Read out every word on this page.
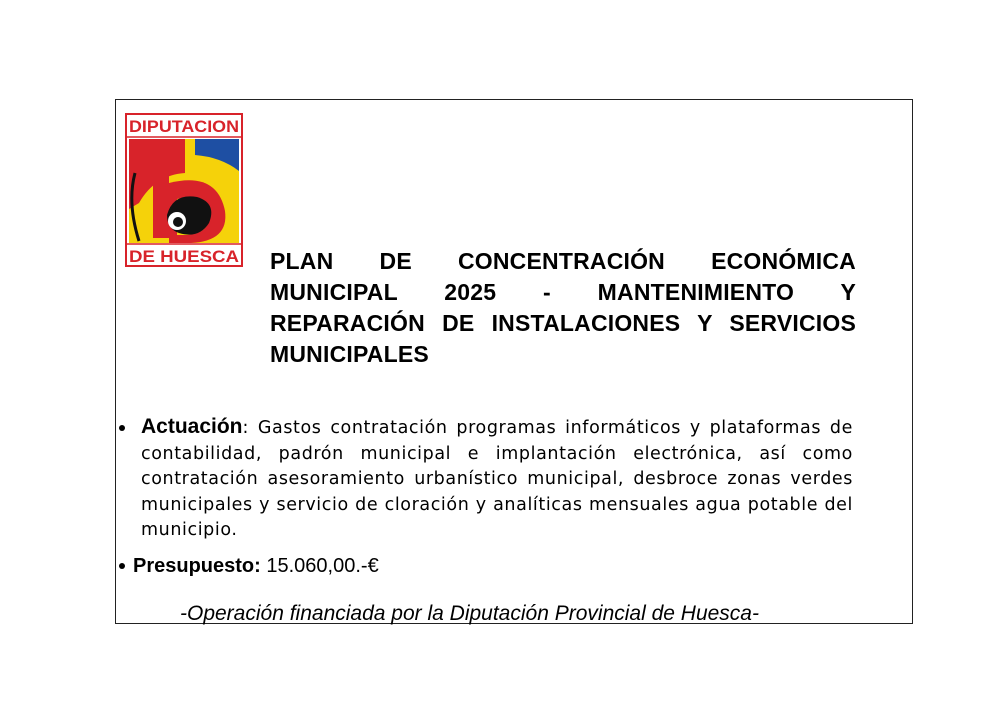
DIPUTACION
DE HUESCA PLAN DE CONCENTRACIÓN ECONÓMICA MUNICIPAL 2025 - MANTENIMIENTO Y REPARACIÓN DE INSTALACIONES Y SERVICIOS MUNICIPALES

Actuación: Gastos contratación programas informáticos y plataformas de contabilidad, padrón municipal e implantación electrónica, así como contratación asesoramiento urbanístico municipal, desbroce zonas verdes municipales y servicio de cloración y analíticas mensuales agua potable del municipio.

Presupuesto: 15.060,00.-€

-Operación financiada por la Diputación Provincial de Huesca-
